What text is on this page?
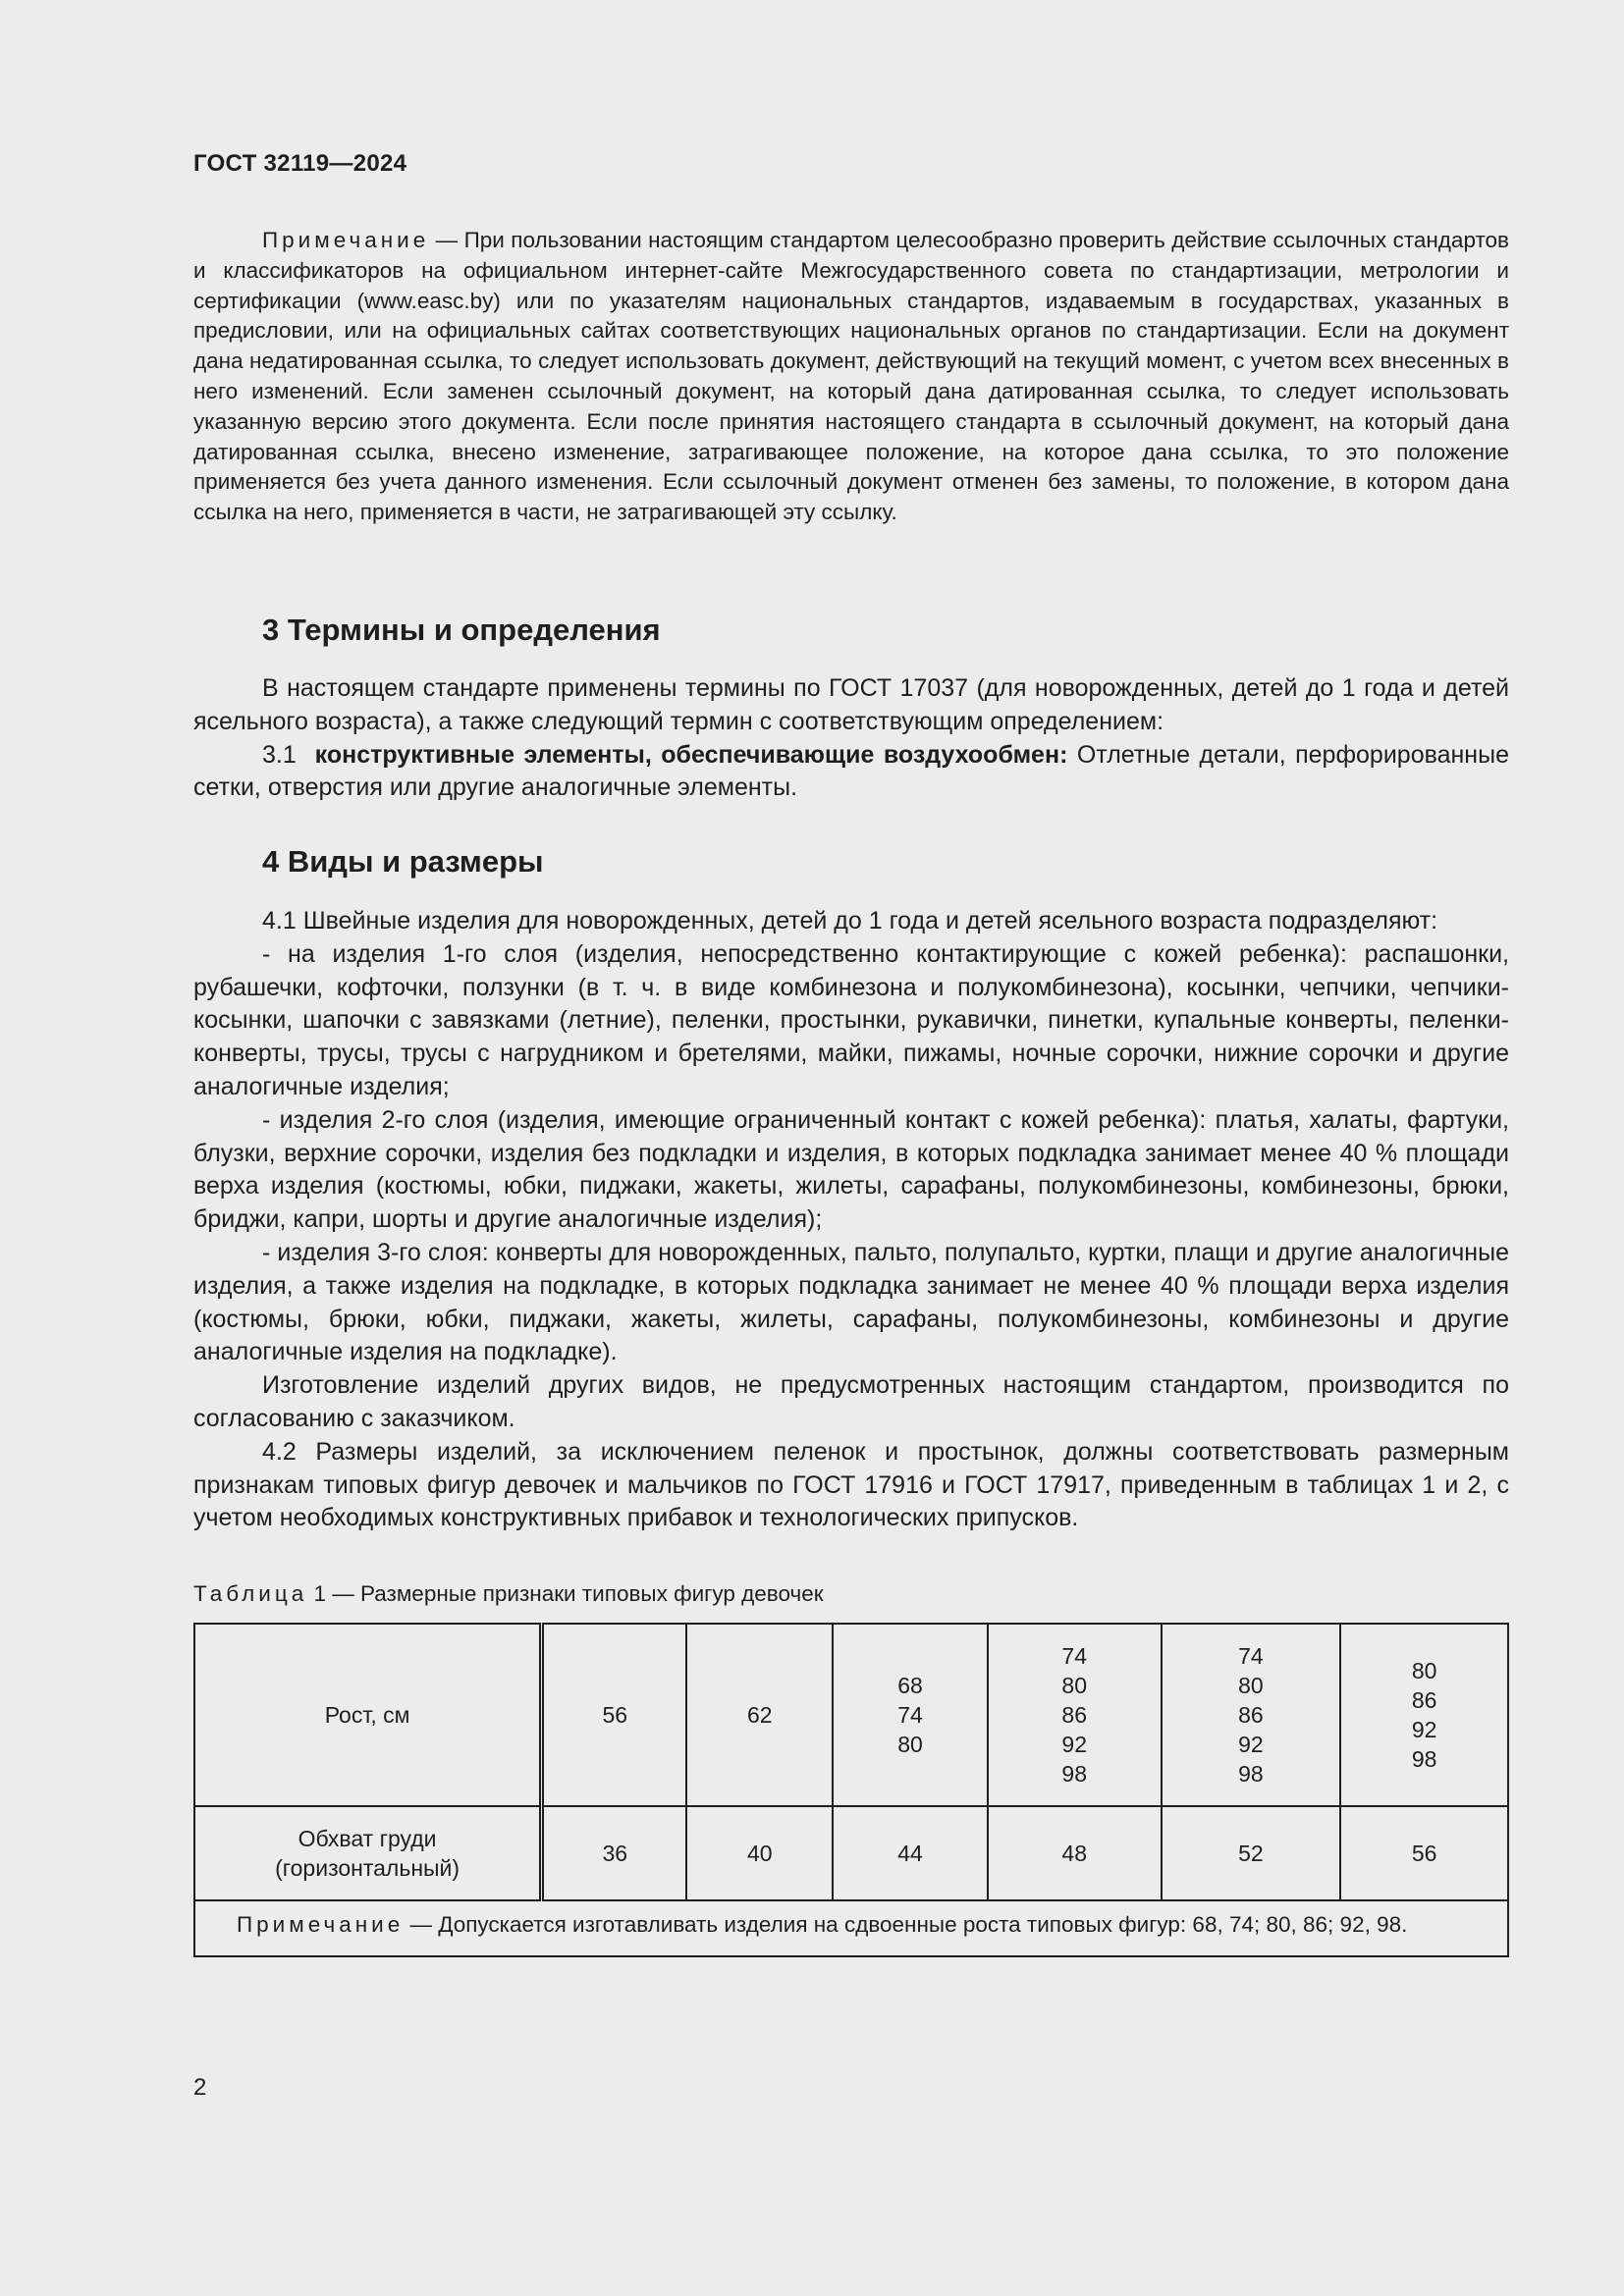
ГОСТ 32119—2024
Примечание — При пользовании настоящим стандартом целесообразно проверить действие ссылочных стандартов и классификаторов на официальном интернет-сайте Межгосударственного совета по стандартизации, метрологии и сертификации (www.easc.by) или по указателям национальных стандартов, издаваемым в государствах, указанных в предисловии, или на официальных сайтах соответствующих национальных органов по стандартизации. Если на документ дана недатированная ссылка, то следует использовать документ, действующий на текущий момент, с учетом всех внесенных в него изменений. Если заменен ссылочный документ, на который дана датированная ссылка, то следует использовать указанную версию этого документа. Если после принятия настоящего стандарта в ссылочный документ, на который дана датированная ссылка, внесено изменение, затрагивающее положение, на которое дана ссылка, то это положение применяется без учета данного изменения. Если ссылочный документ отменен без замены, то положение, в котором дана ссылка на него, применяется в части, не затрагивающей эту ссылку.
3 Термины и определения

В настоящем стандарте применены термины по ГОСТ 17037 (для новорожденных, детей до 1 года и детей ясельного возраста), а также следующий термин с соответствующим определением:

3.1 конструктивные элементы, обеспечивающие воздухообмен: Отлетные детали, перфорированные сетки, отверстия или другие аналогичные элементы.

4 Виды и размеры

4.1 Швейные изделия для новорожденных, детей до 1 года и детей ясельного возраста подразделяют:

- на изделия 1-го слоя (изделия, непосредственно контактирующие с кожей ребенка): распашонки, рубашечки, кофточки, ползунки (в т. ч. в виде комбинезона и полукомбинезона), косынки, чепчики, чепчики-косынки, шапочки с завязками (летние), пеленки, простынки, рукавички, пинетки, купальные конверты, пеленки-конверты, трусы, трусы с нагрудником и бретелями, майки, пижамы, ночные сорочки, нижние сорочки и другие аналогичные изделия;

- изделия 2-го слоя (изделия, имеющие ограниченный контакт с кожей ребенка): платья, халаты, фартуки, блузки, верхние сорочки, изделия без подкладки и изделия, в которых подкладка занимает менее 40 % площади верха изделия (костюмы, юбки, пиджаки, жакеты, жилеты, сарафаны, полукомбинезоны, комбинезоны, брюки, бриджи, капри, шорты и другие аналогичные изделия);

- изделия 3-го слоя: конверты для новорожденных, пальто, полупальто, куртки, плащи и другие аналогичные изделия, а также изделия на подкладке, в которых подкладка занимает не менее 40 % площади верха изделия (костюмы, брюки, юбки, пиджаки, жакеты, жилеты, сарафаны, полукомбинезоны, комбинезоны и другие аналогичные изделия на подкладке).

Изготовление изделий других видов, не предусмотренных настоящим стандартом, производится по согласованию с заказчиком.

4.2 Размеры изделий, за исключением пеленок и простынок, должны соответствовать размерным признакам типовых фигур девочек и мальчиков по ГОСТ 17916 и ГОСТ 17917, приведенным в таблицах 1 и 2, с учетом необходимых конструктивных прибавок и технологических припусков.

Таблица 1 — Размерные признаки типовых фигур девочек
Рост, см	56	62	68
74
80	74
80
86
92
98	74
80
86
92
98	80
86
92
98

Обхват груди
(горизонтальный)	36	40	44	48	52	56
Примечание — Допускается изготавливать изделия на сдвоенные роста типовых фигур: 68, 74; 80, 86; 92, 98.						
2
